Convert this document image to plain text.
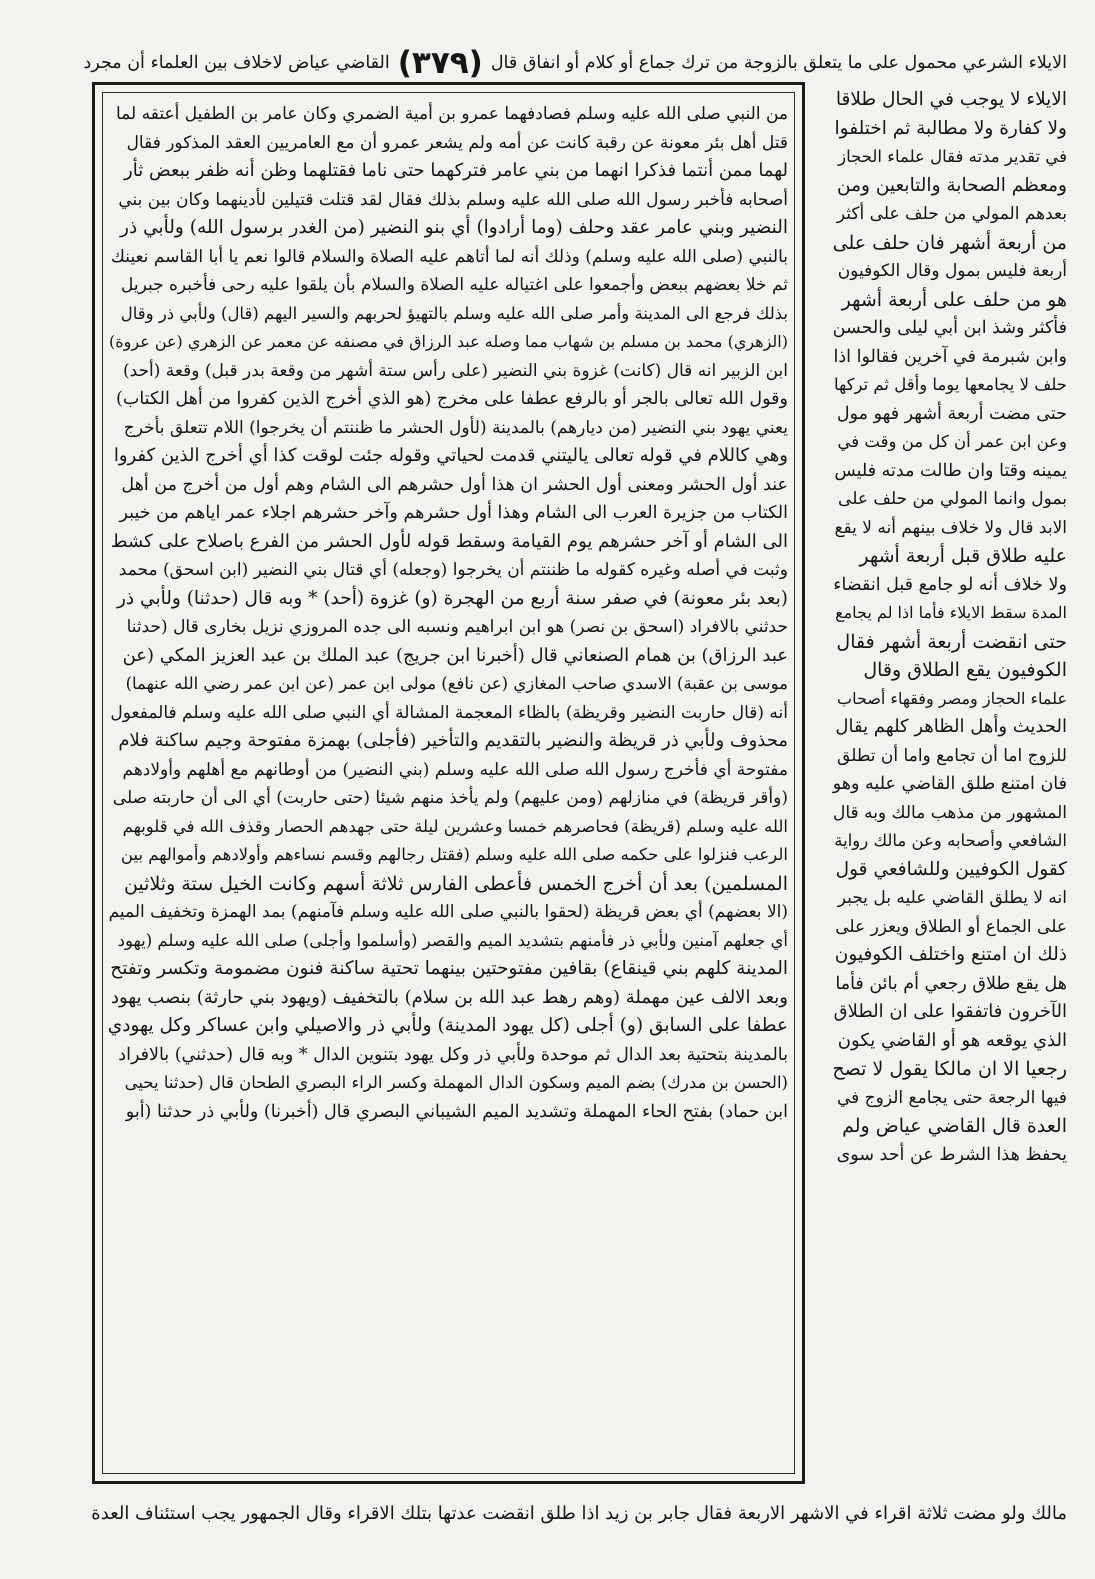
الايلاء الشرعي محمول على ما يتعلق بالزوجة من ترك جماع أو كلام أو انفاق قال
(٣٧٩)
القاضي عياض لاخلاف بين العلماء أن مجرد
الايلاء لا يوجب في الحال طلاقا
ولا كفارة ولا مطالبة ثم اختلفوا
في تقدير مدته فقال علماء الحجاز
ومعظم الصحابة والتابعين ومن
بعدهم المولي من حلف على أكثر
من أربعة أشهر فان حلف على
أربعة فليس بمول وقال الكوفيون
هو من حلف على أربعة أشهر
فأكثر وشذ ابن أبي ليلى والحسن
وابن شبرمة في آخرين فقالوا اذا
حلف لا يجامعها يوما وأقل ثم تركها
حتى مضت أربعة أشهر فهو مول
وعن ابن عمر أن كل من وقت في
يمينه وقتا وان طالت مدته فليس
بمول وانما المولي من حلف على
الابد قال ولا خلاف بينهم أنه لا يقع
عليه طلاق قبل أربعة أشهر
ولا خلاف أنه لو جامع قبل انقضاء
المدة سقط الايلاء فأما اذا لم يجامع
حتى انقضت أربعة أشهر فقال
الكوفيون يقع الطلاق وقال
علماء الحجاز ومصر وفقهاء أصحاب
الحديث وأهل الظاهر كلهم يقال
للزوج اما أن تجامع واما أن تطلق
فان امتنع طلق القاضي عليه وهو
المشهور من مذهب مالك وبه قال
الشافعي وأصحابه وعن مالك رواية
كقول الكوفيين وللشافعي قول
انه لا يطلق القاضي عليه بل يجبر
على الجماع أو الطلاق ويعزر على
ذلك ان امتنع واختلف الكوفيون
هل يقع طلاق رجعي أم بائن فأما
الآخرون فاتفقوا على ان الطلاق
الذي يوقعه هو أو القاضي يكون
رجعيا الا ان مالكا يقول لا تصح
فيها الرجعة حتى يجامع الزوج في
العدة قال القاضي عياض ولم
يحفظ هذا الشرط عن أحد سوى
من النبي صلى الله عليه وسلم فصادفهما عمرو بن أمية الضمري وكان عامر بن الطفيل أعتقه لما
قتل أهل بئر معونة عن رقبة كانت عن أمه ولم يشعر عمرو أن مع العامريين العقد المذكور فقال
لهما ممن أنتما فذكرا انهما من بني عامر فتركهما حتى ناما فقتلهما وظن أنه ظفر ببعض ثأر
أصحابه فأخبر رسول الله صلى الله عليه وسلم بذلك فقال لقد قتلت قتيلين لأدينهما وكان بين بني
النضير وبني عامر عقد وحلف (وما أرادوا) أي بنو النضير (من الغدر برسول الله) ولأبي ذر
بالنبي (صلى الله عليه وسلم) وذلك أنه لما أتاهم عليه الصلاة والسلام قالوا نعم يا أبا القاسم نعينك
ثم خلا بعضهم ببعض وأجمعوا على اغتياله عليه الصلاة والسلام بأن يلقوا عليه رحى فأخبره جبريل
بذلك فرجع الى المدينة وأمر صلى الله عليه وسلم بالتهيؤ لحربهم والسير اليهم (قال) ولأبي ذر وقال
(الزهري) محمد بن مسلم بن شهاب مما وصله عبد الرزاق في مصنفه عن معمر عن الزهري (عن عروة)
ابن الزبير انه قال (كانت) غزوة بني النضير (على رأس ستة أشهر من وقعة بدر قبل) وقعة (أحد)
وقول الله تعالى بالجر أو بالرفع عطفا على مخرج (هو الذي أخرج الذين كفروا من أهل الكتاب)
يعني يهود بني النضير (من ديارهم) بالمدينة (لأول الحشر ما ظننتم أن يخرجوا) اللام تتعلق بأخرج
وهي كاللام في قوله تعالى ياليتني قدمت لحياتي وقوله جئت لوقت كذا أي أخرج الذين كفروا
عند أول الحشر ومعنى أول الحشر ان هذا أول حشرهم الى الشام وهم أول من أخرج من أهل
الكتاب من جزيرة العرب الى الشام وهذا أول حشرهم وآخر حشرهم اجلاء عمر اياهم من خيبر
الى الشام أو آخر حشرهم يوم القيامة وسقط قوله لأول الحشر من الفرع باصلاح على كشط
وثبت في أصله وغيره كقوله ما ظننتم أن يخرجوا (وجعله) أي قتال بني النضير (ابن اسحق) محمد
(بعد بئر معونة) في صفر سنة أربع من الهجرة (و) غزوة (أحد) * وبه قال (حدثنا) ولأبي ذر
حدثني بالافراد (اسحق بن نصر) هو ابن ابراهيم ونسبه الى جده المروزي نزيل بخارى قال (حدثنا
عبد الرزاق) بن همام الصنعاني قال (أخبرنا ابن جريج) عبد الملك بن عبد العزيز المكي (عن
موسى بن عقبة) الاسدي صاحب المغازي (عن نافع) مولى ابن عمر (عن ابن عمر رضي الله عنهما)
أنه (قال حاربت النضير وقريظة) بالظاء المعجمة المشالة أي النبي صلى الله عليه وسلم فالمفعول
محذوف ولأبي ذر قريظة والنضير بالتقديم والتأخير (فأجلى) بهمزة مفتوحة وجيم ساكنة فلام
مفتوحة أي فأخرج رسول الله صلى الله عليه وسلم (بني النضير) من أوطانهم مع أهلهم وأولادهم
(وأقر قريظة) في منازلهم (ومن عليهم) ولم يأخذ منهم شيئا (حتى حاربت) أي الى أن حاربته صلى
الله عليه وسلم (قريظة) فحاصرهم خمسا وعشرين ليلة حتى جهدهم الحصار وقذف الله في قلوبهم
الرعب فنزلوا على حكمه صلى الله عليه وسلم (فقتل رجالهم وقسم نساءهم وأولادهم وأموالهم بين
المسلمين) بعد أن أخرج الخمس فأعطى الفارس ثلاثة أسهم وكانت الخيل ستة وثلاثين
(الا بعضهم) أي بعض قريظة (لحقوا بالنبي صلى الله عليه وسلم فآمنهم) بمد الهمزة وتخفيف الميم
أي جعلهم آمنين ولأبي ذر فأمنهم بتشديد الميم والقصر (وأسلموا وأجلى) صلى الله عليه وسلم (يهود
المدينة كلهم بني قينقاع) بقافين مفتوحتين بينهما تحتية ساكنة فنون مضمومة وتكسر وتفتح
وبعد الالف عين مهملة (وهم رهط عبد الله بن سلام) بالتخفيف (ويهود بني حارثة) بنصب يهود
عطفا على السابق (و) أجلى (كل يهود المدينة) ولأبي ذر والاصيلي وابن عساكر وكل يهودي
بالمدينة بتحتية بعد الدال ثم موحدة ولأبي ذر وكل يهود بتنوين الدال * وبه قال (حدثني) بالافراد
(الحسن بن مدرك) بضم الميم وسكون الدال المهملة وكسر الراء البصري الطحان قال (حدثنا يحيى
ابن حماد) بفتح الحاء المهملة وتشديد الميم الشيباني البصري قال (أخبرنا) ولأبي ذر حدثنا (أبو
مالك ولو مضت ثلاثة اقراء في الاشهر الاربعة فقال جابر بن زيد اذا طلق انقضت عدتها بتلك الاقراء وقال الجمهور يجب استئناف العدة
